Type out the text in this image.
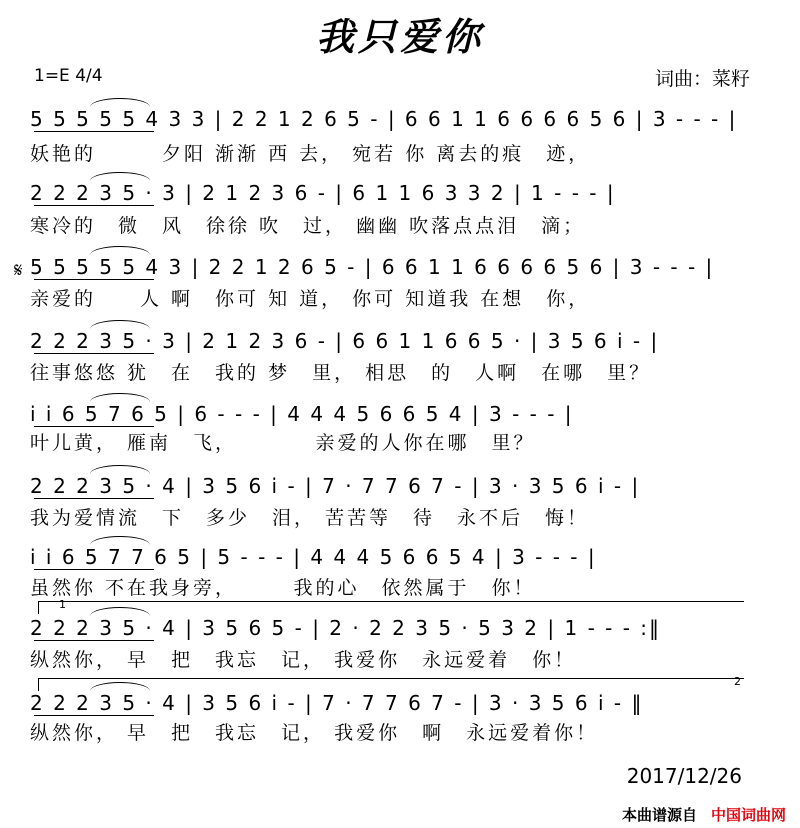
我只爱你
1=E 4/4	词曲：菜籽
𝄋
5 5 5 5 5 4 3 3 | 2 2 1 2 6 5 - | 6 6 1 1 6 6 6 6 5 6 | 3 - - - |
妖艳的　　　夕阳 渐渐 西 去， 宛若 你 离去的痕　迹，
2 2 2 3 5 · 3 | 2 1 2 3 6 - | 6 1 1 6 3 3 2 | 1 - - - |
寒冷的　微　风　徐徐 吹　过， 幽幽 吹落点点泪　滴；
5 5 5 5 5 4 3 | 2 2 1 2 6 5 - | 6 6 1 1 6 6 6 6 5 6 | 3 - - - |
亲爱的　　人 啊　你可 知 道， 你可 知道我 在想　你，
2 2 2 3 5 · 3 | 2 1 2 3 6 - | 6 6 1 1 6 6 5 · | 3 5 6 i - |
往事悠悠 犹　在　我的 梦　里， 相思　的　人啊　在哪　里？
i i 6 5 7 6 5 | 6 - - - | 4 4 4 5 6 6 5 4 | 3 - - - |
叶儿黄， 雁南　飞，　　　　亲爱的人你在哪　里？
2 2 2 3 5 · 4 | 3 5 6 i - | 7 · 7 7 6 7 - | 3 · 3 5 6 i - |
我为爱情流　下　多少　泪， 苦苦等　待　永不后　悔！
i i 6 5 7 7 6 5 | 5 - - - | 4 4 4 5 6 6 5 4 | 3 - - - |
虽然你 不在我身旁，　　　我的心　依然属于　你！
2 2 2 3 5 · 4 | 3 5 6 5 - | 2 · 2 2 3 5 · 5 3 2 | 1 - - - :‖
纵然你， 早　把　我忘　记， 我爱你　永远爱着　你！
2 2 2 3 5 · 4 | 3 5 6 i - | 7 · 7 7 6 7 - | 3 · 3 5 6 i - ‖
纵然你， 早　把　我忘　记， 我爱你　啊　永远爱着你！
1
2
2017/12/26
本曲谱源自 中国词曲网
